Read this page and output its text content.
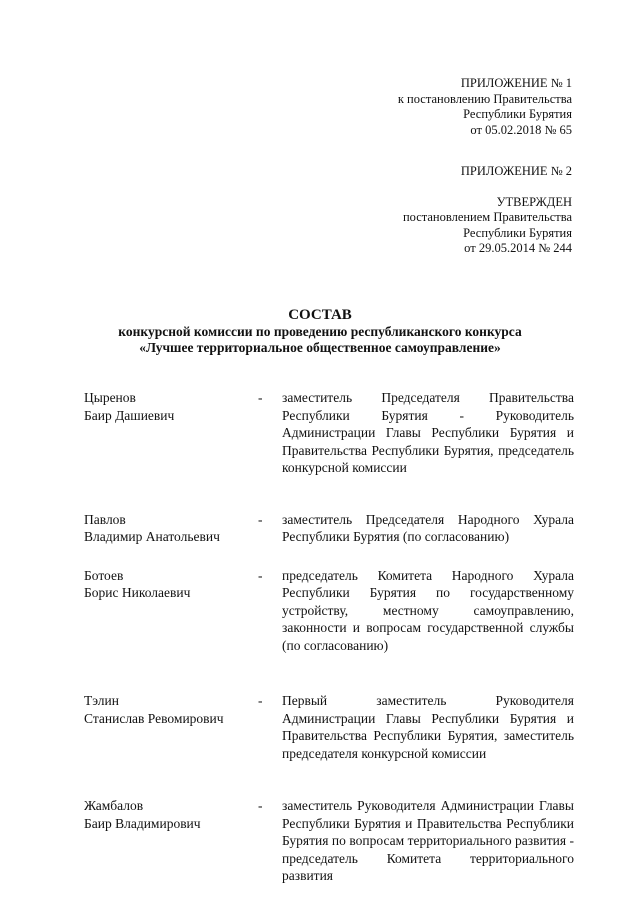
ПРИЛОЖЕНИЕ № 1
к постановлению Правительства
Республики Бурятия
от 05.02.2018 № 65
ПРИЛОЖЕНИЕ № 2
УТВЕРЖДЕН
постановлением Правительства
Республики Бурятия
от 29.05.2014 № 244
СОСТАВ
конкурсной комиссии по проведению республиканского конкурса
«Лучшее территориальное общественное самоуправление»
Цыренов
Баир Дашиевич
-	заместитель Председателя Правительства Республики Бурятия - Руководитель Администрации Главы Республики Бурятия и Правительства Республики Бурятия, председатель конкурсной комиссии
Павлов
Владимир Анатольевич
-	заместитель Председателя Народного Хурала Республики Бурятия (по согласованию)
Ботоев
Борис Николаевич
-	председатель Комитета Народного Хурала Республики Бурятия по государственному устройству, местному самоуправлению, законности и вопросам государственной службы (по согласованию)
Тэлин
Станислав Ревомирович
-	Первый заместитель Руководителя Администрации Главы Республики Бурятия и Правительства Республики Бурятия, заместитель председателя конкурсной комиссии
Жамбалов
Баир Владимирович
-	заместитель Руководителя Администрации Главы Республики Бурятия и Правительства Республики Бурятия по вопросам территориального развития - председатель Комитета территориального развития
